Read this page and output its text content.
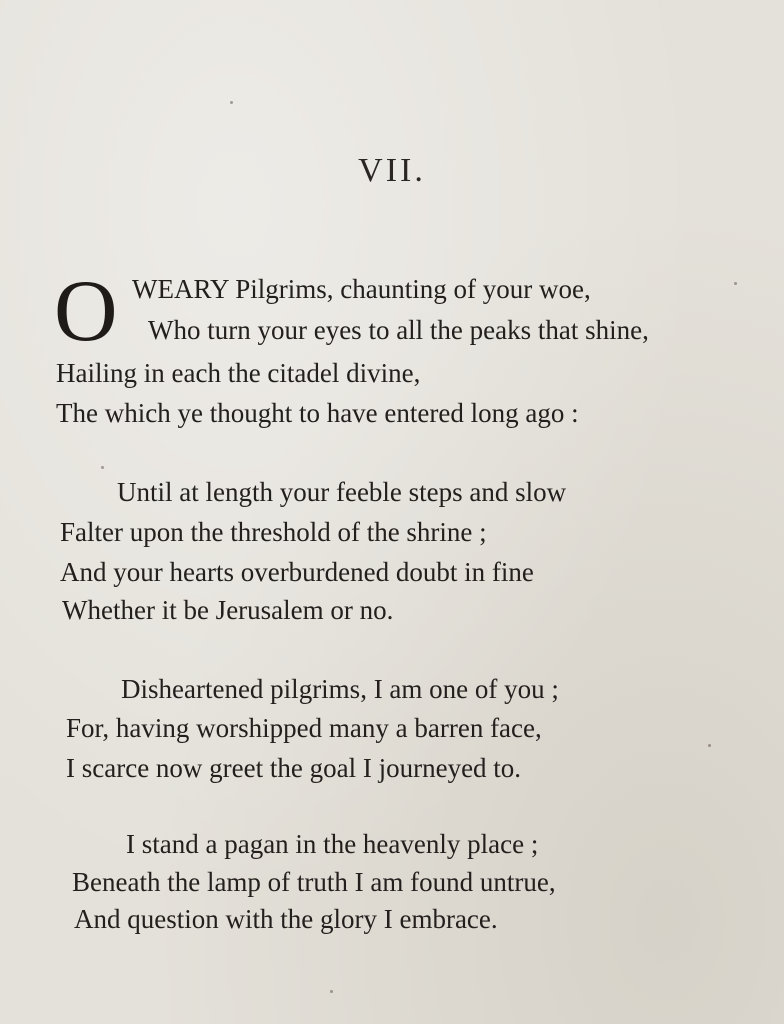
VII.
O WEARY Pilgrims, chaunting of your woe,
Who turn your eyes to all the peaks that shine,
Hailing in each the citadel divine,
The which ye thought to have entered long ago :
Until at length your feeble steps and slow
Falter upon the threshold of the shrine ;
And your hearts overburdened doubt in fine
Whether it be Jerusalem or no.
Disheartened pilgrims, I am one of you ;
For, having worshipped many a barren face,
I scarce now greet the goal I journeyed to.
I stand a pagan in the heavenly place ;
Beneath the lamp of truth I am found untrue,
And question with the glory I embrace.
